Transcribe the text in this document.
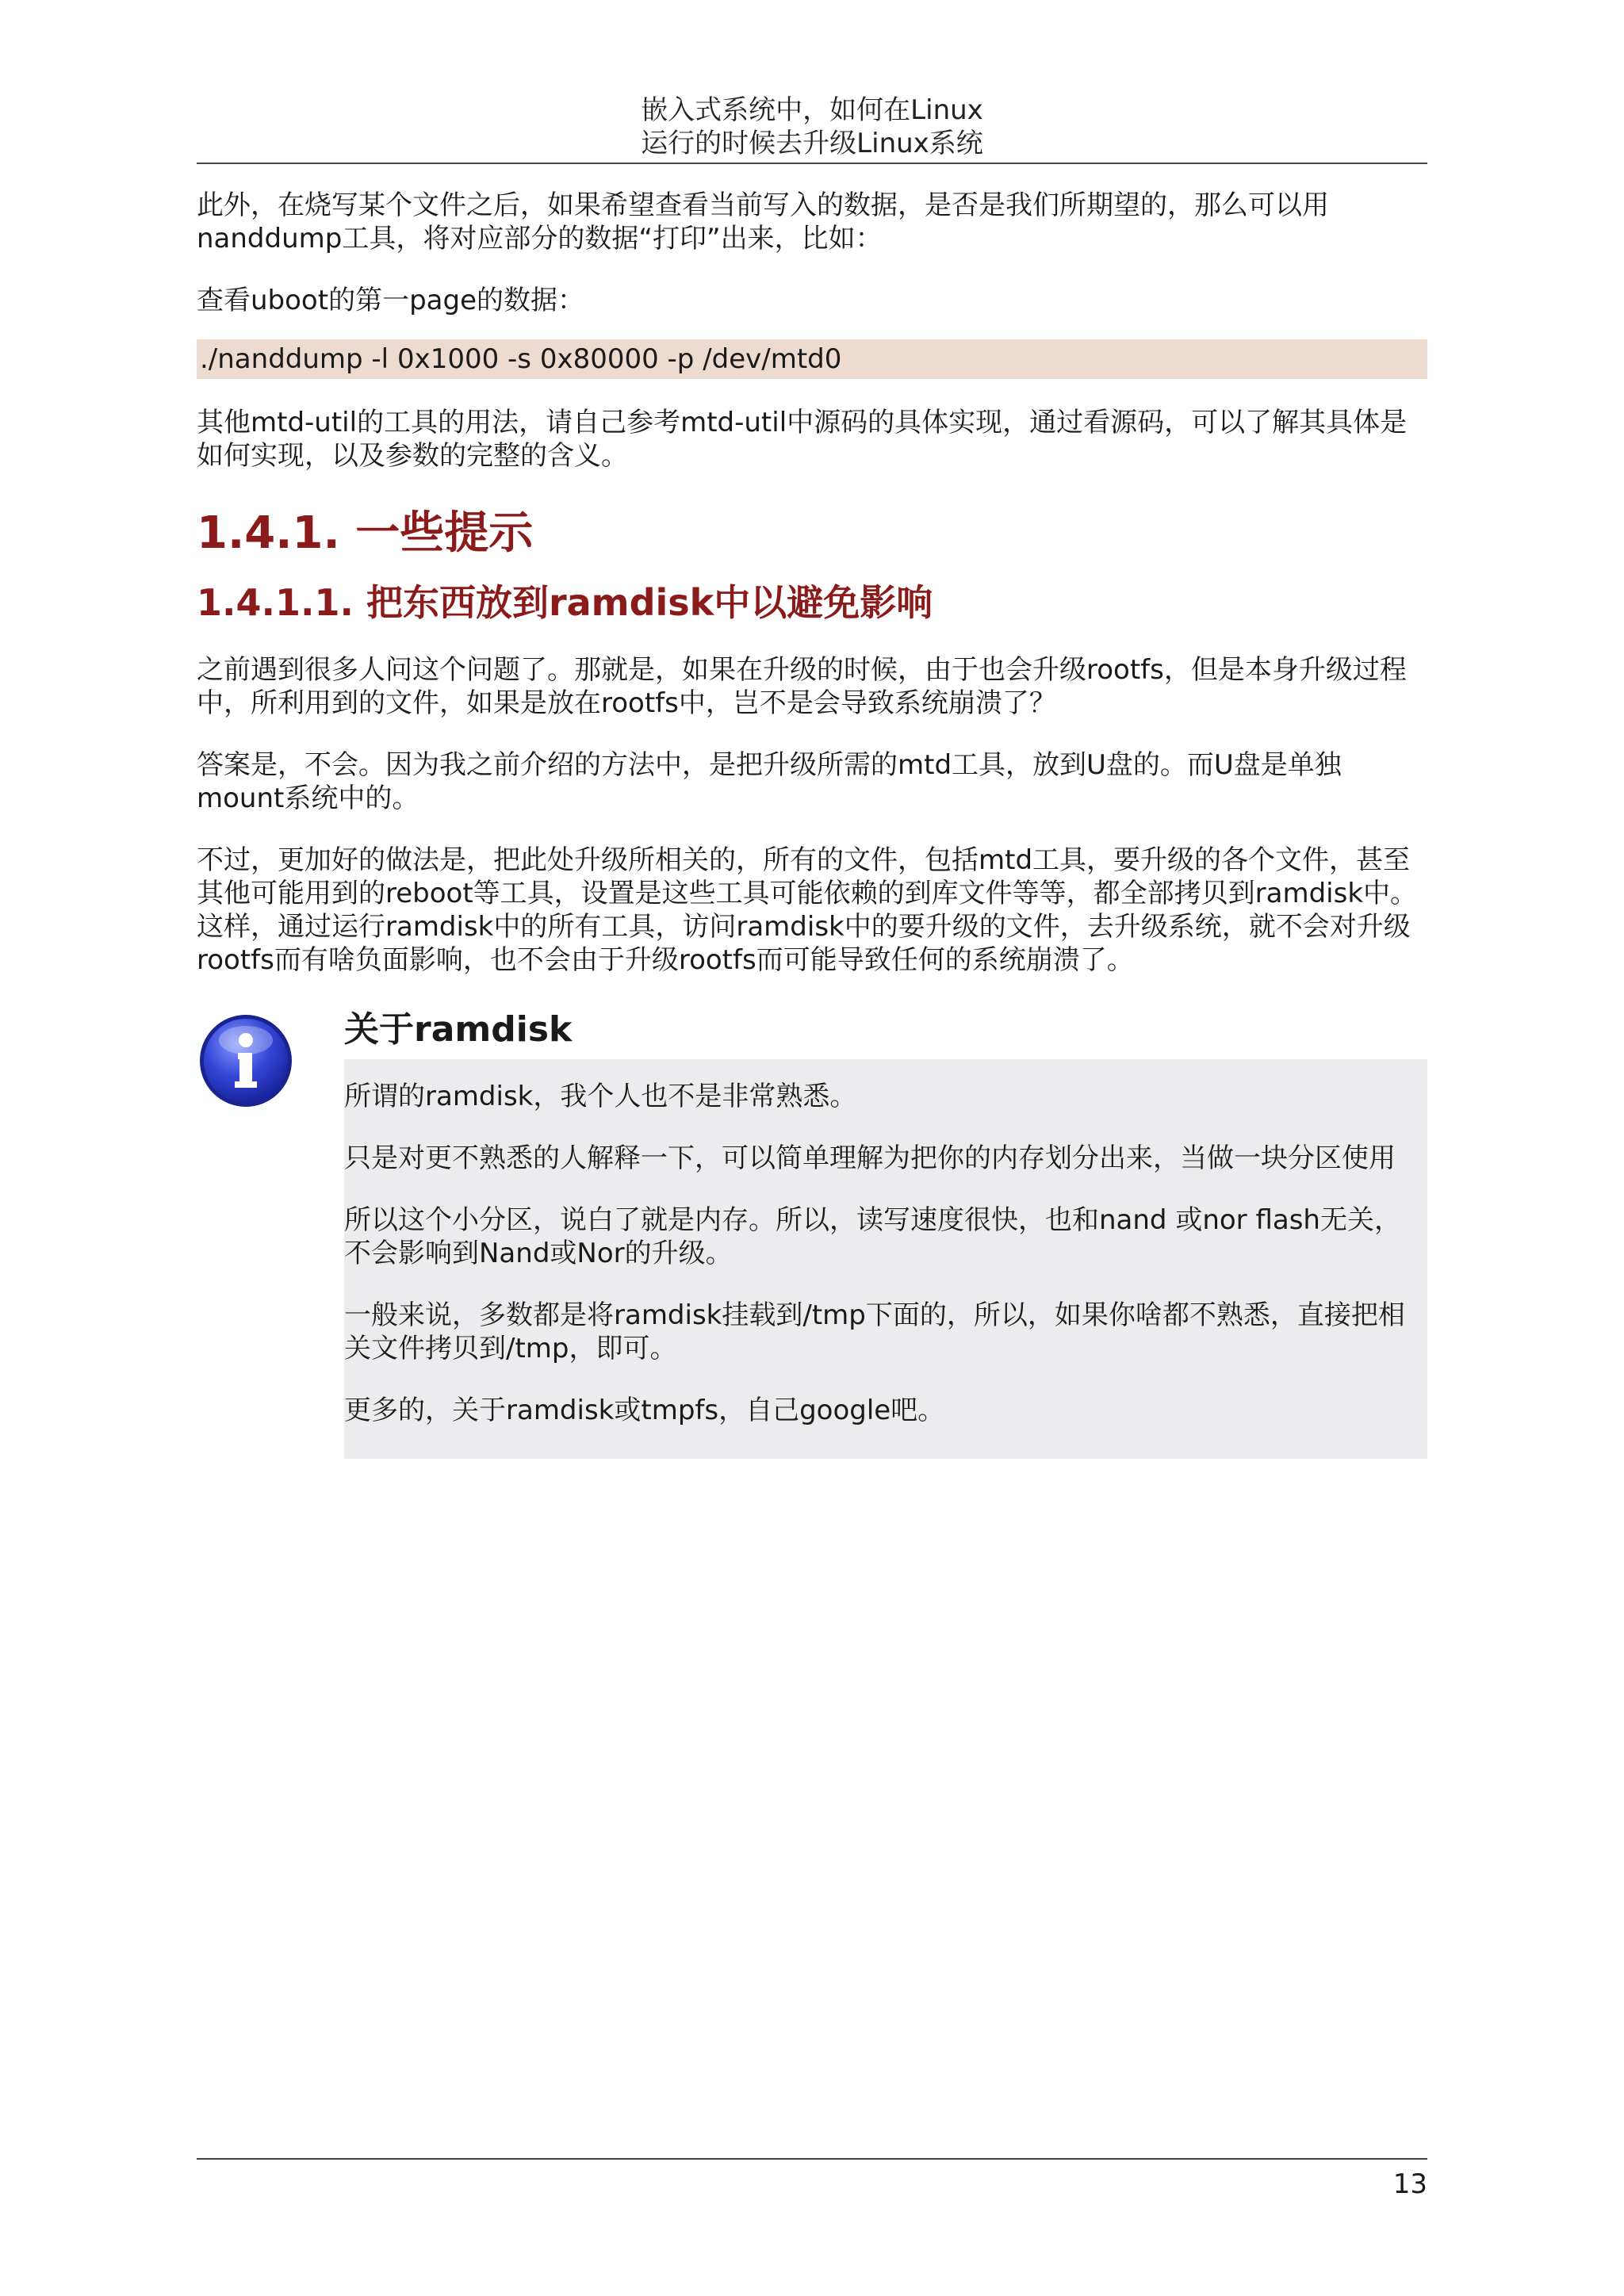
嵌入式系统中，如何在Linux
运行的时候去升级Linux系统

此外，在烧写某个文件之后，如果希望查看当前写入的数据，是否是我们所期望的，那么可以用nanddump工具，将对应部分的数据“打印”出来，比如：

查看uboot的第一page的数据：

./nanddump -l 0x1000 -s 0x80000 -p /dev/mtd0

其他mtd-util的工具的用法，请自己参考mtd-util中源码的具体实现，通过看源码，可以了解其具体是如何实现，以及参数的完整的含义。

1.4.1. 一些提示
1.4.1.1. 把东西放到ramdisk中以避免影响

之前遇到很多人问这个问题了。那就是，如果在升级的时候，由于也会升级rootfs，但是本身升级过程中，所利用到的文件，如果是放在rootfs中，岂不是会导致系统崩溃了？

答案是，不会。因为我之前介绍的方法中，是把升级所需的mtd工具，放到U盘的。而U盘是单独mount系统中的。

不过，更加好的做法是，把此处升级所相关的，所有的文件，包括mtd工具，要升级的各个文件，甚至其他可能用到的reboot等工具，设置是这些工具可能依赖的到库文件等等，都全部拷贝到ramdisk中。这样，通过运行ramdisk中的所有工具，访问ramdisk中的要升级的文件，去升级系统，就不会对升级rootfs而有啥负面影响，也不会由于升级rootfs而可能导致任何的系统崩溃了。

关于ramdisk

所谓的ramdisk，我个人也不是非常熟悉。

只是对更不熟悉的人解释一下，可以简单理解为把你的内存划分出来，当做一块分区使用

所以这个小分区，说白了就是内存。所以，读写速度很快，也和nand 或nor flash无关，不会影响到Nand或Nor的升级。

一般来说，多数都是将ramdisk挂载到/tmp下面的，所以，如果你啥都不熟悉，直接把相关文件拷贝到/tmp，即可。

更多的，关于ramdisk或tmpfs，自己google吧。

13
